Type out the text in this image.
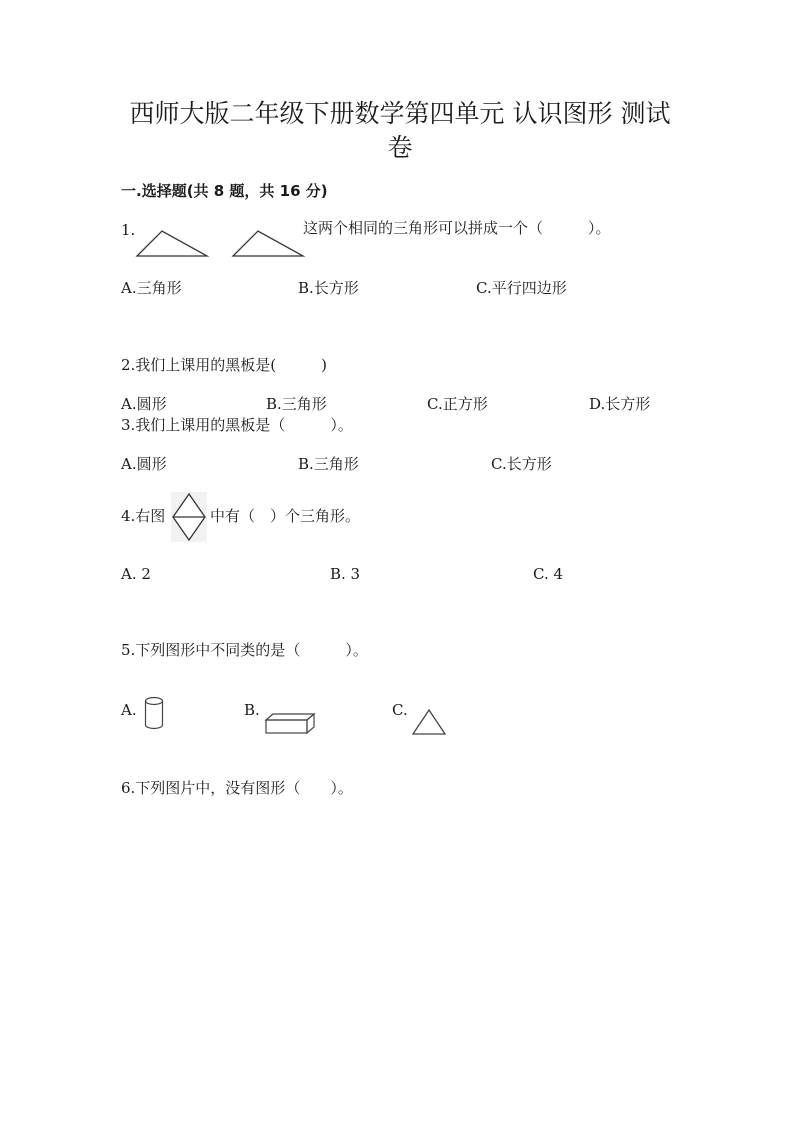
西师大版二年级下册数学第四单元 认识图形 测试
卷
一.选择题(共 8 题，共 16 分)
1.	这两个相同的三角形可以拼成一个（　　　）。
A.三角形	B.长方形	C.平行四边形
2.我们上课用的黑板是(　　　)
A.圆形	B.三角形	C.正方形	D.长方形
3.我们上课用的黑板是（　　　）。
A.圆形	B.三角形	C.长方形
4.右图	中有（　）个三角形。
A. 2	B. 3	C. 4
5.下列图形中不同类的是（　　　）。
A.	B.	C.
6.下列图片中，没有图形（　　）。
